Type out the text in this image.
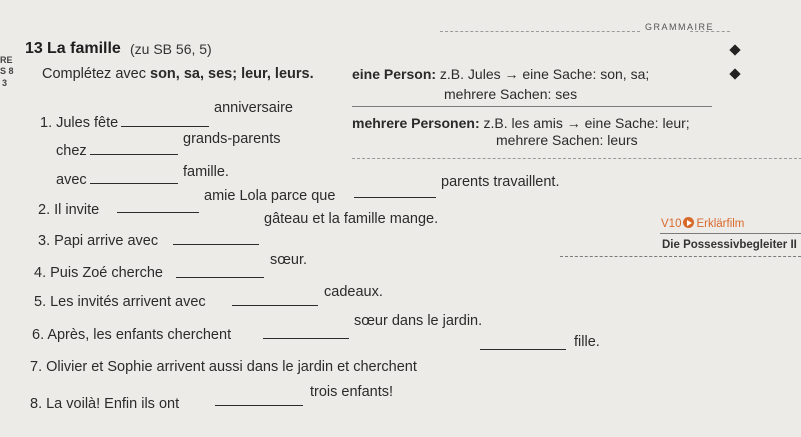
RE
S 8
3
13 La famille (zu SB 56, 5)
Complétez avec son, sa, ses; leur, leurs.
1. Jules fête
anniversaire
chez
grands-parents
avec	famille.
2. Il invite
amie Lola parce que
parents travaillent.
3. Papi arrive avec
gâteau et la famille mange.
4. Puis Zoé cherche
sœur.
5. Les invités arrivent avec
cadeaux.
6. Après, les enfants cherchent
sœur dans le jardin.
7. Olivier et Sophie arrivent aussi dans le jardin et cherchent
fille.
8. La voilà! Enfin ils ont
trois enfants!
GRAMMAIRE
eine Person: z.B. Jules → eine Sache: son, sa;
mehrere Sachen: ses
mehrere Personen: z.B. les amis → eine Sache: leur;
mehrere Sachen: leurs
V10 Erklärfilm
Die Possessivbegleiter II
